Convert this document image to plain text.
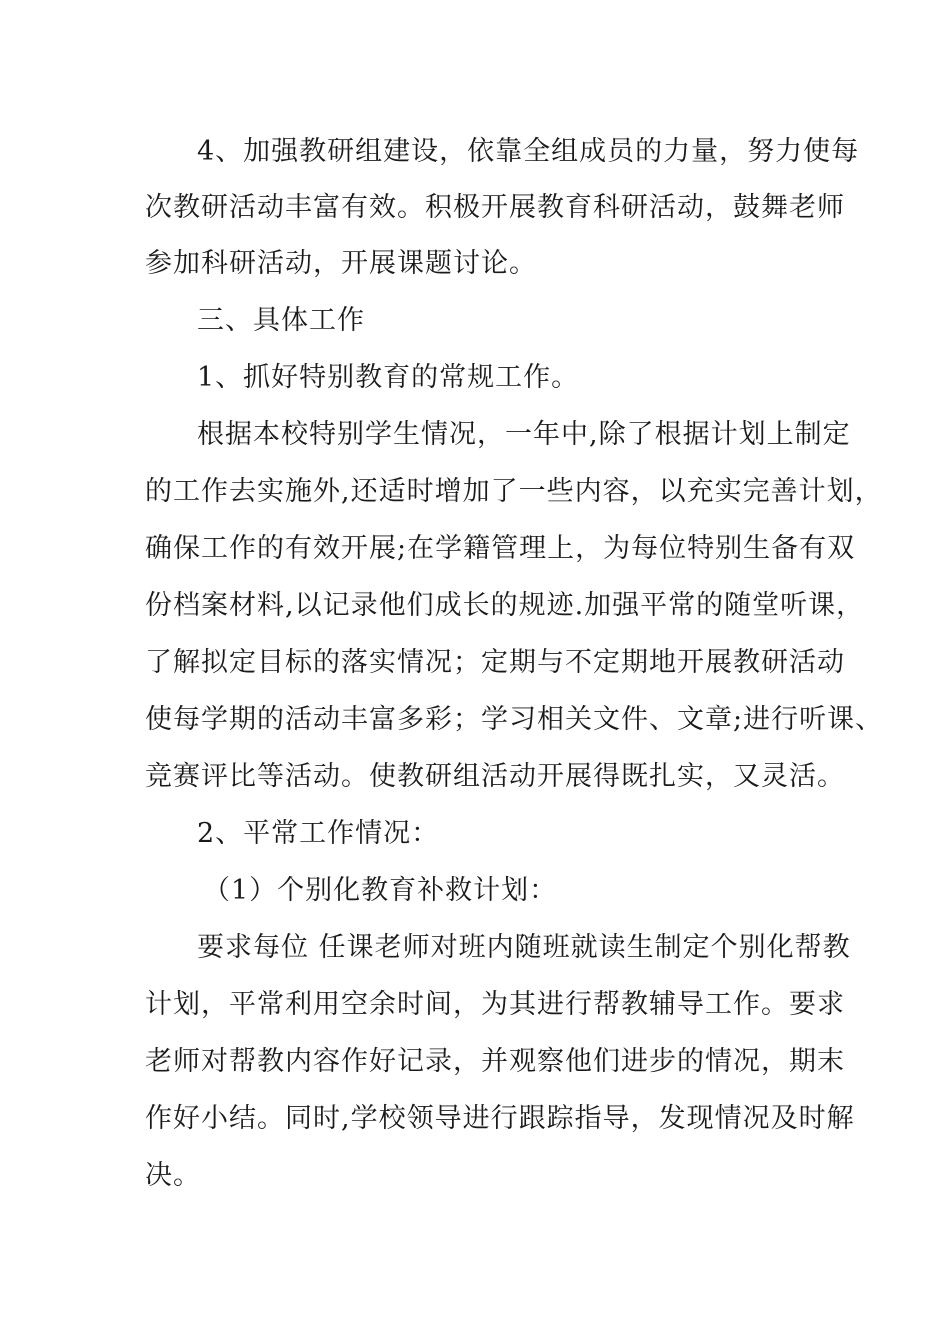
4、加强教研组建设，依靠全组成员的力量，努力使每
次教研活动丰富有效。积极开展教育科研活动，鼓舞老师
参加科研活动，开展课题讨论。
三、具体工作
1、抓好特别教育的常规工作。
根据本校特别学生情况，一年中,除了根据计划上制定
的工作去实施外,还适时增加了一些内容，以充实完善计划，
确保工作的有效开展;在学籍管理上，为每位特别生备有双
份档案材料,以记录他们成长的规迹.加强平常的随堂听课，
了解拟定目标的落实情况；定期与不定期地开展教研活动
使每学期的活动丰富多彩；学习相关文件、文章;进行听课、
竞赛评比等活动。使教研组活动开展得既扎实，又灵活。
2、平常工作情况：
（1）个别化教育补救计划：
要求每位 任课老师对班内随班就读生制定个别化帮教
计划，平常利用空余时间，为其进行帮教辅导工作。要求
老师对帮教内容作好记录，并观察他们进步的情况，期末
作好小结。同时,学校领导进行跟踪指导，发现情况及时解
决。
